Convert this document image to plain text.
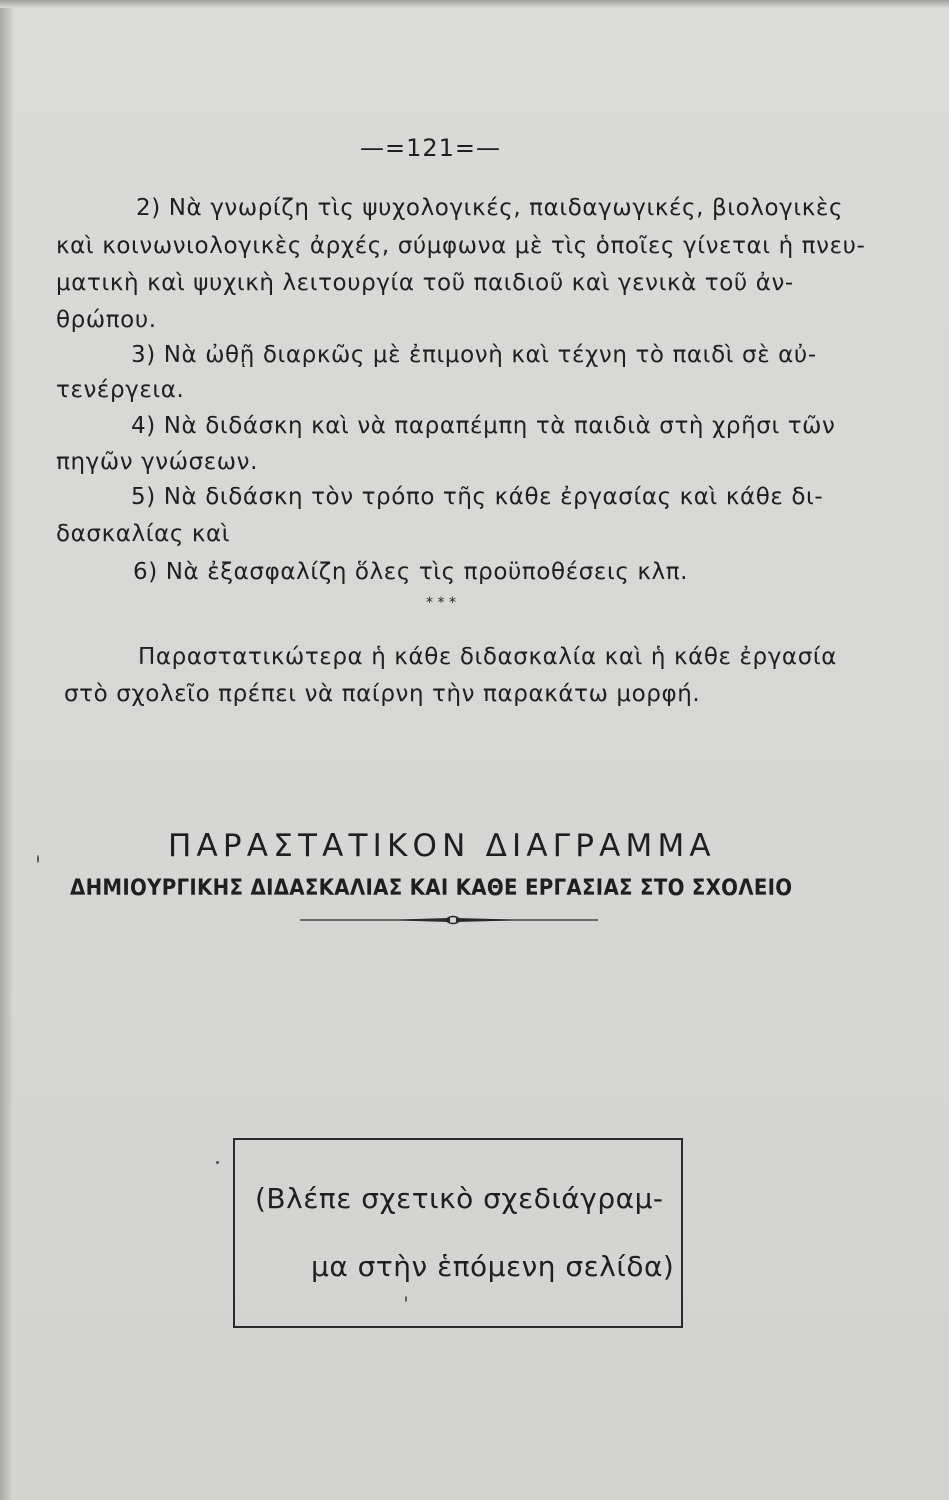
—=121=—
2) Νὰ γνωρίζη τὶς ψυχολογικές, παιδαγωγικές, βιολογικὲς
καὶ κοινωνιολογικὲς ἀρχές, σύμφωνα μὲ τὶς ὁποῖες γίνεται ἡ πνευ-
ματικὴ καὶ ψυχικὴ λειτουργία τοῦ παιδιοῦ καὶ γενικὰ τοῦ ἀν-
θρώπου.
3) Νὰ ὠθῇ διαρκῶς μὲ ἐπιμονὴ καὶ τέχνη τὸ παιδὶ σὲ αὐ-
τενέργεια.
4) Νὰ διδάσκη καὶ νὰ παραπέμπη τὰ παιδιὰ στὴ χρῆσι τῶν
πηγῶν γνώσεων.
5) Νὰ διδάσκη τὸν τρόπο τῆς κάθε ἐργασίας καὶ κάθε δι-
δασκαλίας καὶ
6) Νὰ ἐξασφαλίζη ὅλες τὶς προϋποθέσεις κλπ.
* * *
Παραστατικώτερα ἡ κάθε διδασκαλία καὶ ἡ κάθε ἐργασία
στὸ σχολεῖο πρέπει νὰ παίρνη τὴν παρακάτω μορφή.
ΠΑΡΑΣΤΑΤΙΚΟΝ ΔΙΑΓΡΑΜΜΑ
ΔΗΜΙΟΥΡΓΙΚΗΣ ΔΙΔΑΣΚΑΛΙΑΣ ΚΑΙ ΚΑΘΕ ΕΡΓΑΣΙΑΣ ΣΤΟ ΣΧΟΛΕΙΟ
(Βλέπε σχετικὸ σχεδιάγραμ-
μα στὴν ἑπόμενη σελίδα)
